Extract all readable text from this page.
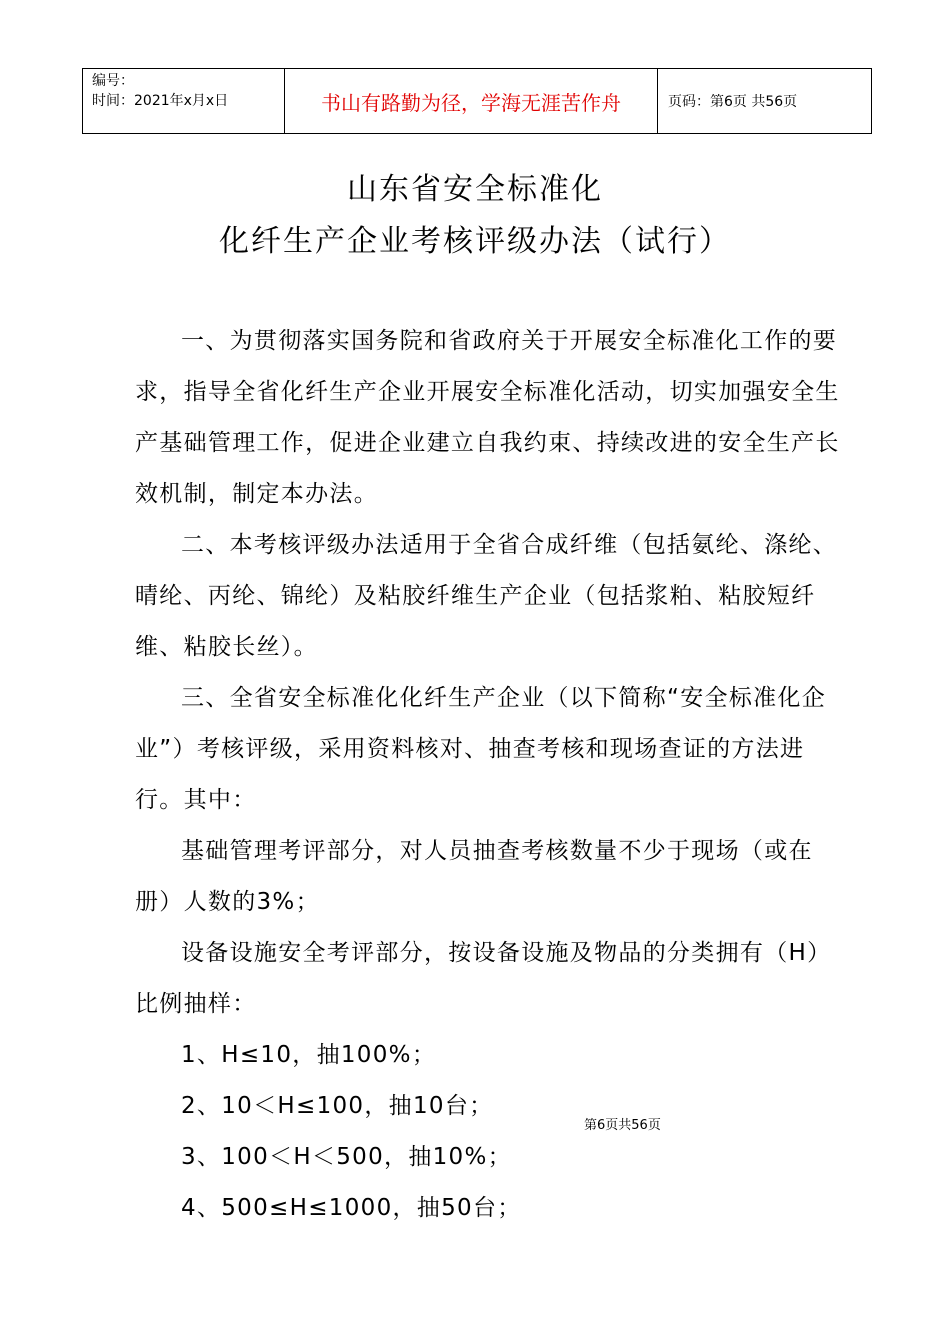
编号：
时间：2021年x月x日	书山有路勤为径，学海无涯苦作舟	页码：第6页 共56页
山东省安全标准化
化纤生产企业考核评级办法（试行）

一、为贯彻落实国务院和省政府关于开展安全标准化工作的要求，指导全省化纤生产企业开展安全标准化活动，切实加强安全生产基础管理工作，促进企业建立自我约束、持续改进的安全生产长效机制，制定本办法。

二、本考核评级办法适用于全省合成纤维（包括氨纶、涤纶、晴纶、丙纶、锦纶）及粘胶纤维生产企业（包括浆粕、粘胶短纤维、粘胶长丝）。

三、全省安全标准化化纤生产企业（以下简称“安全标准化企业”）考核评级，采用资料核对、抽查考核和现场查证的方法进行。其中：

基础管理考评部分，对人员抽查考核数量不少于现场（或在册）人数的3%；

设备设施安全考评部分，按设备设施及物品的分类拥有（H）比例抽样：

1、H≤10，抽100%；

2、10＜H≤100，抽10台；

3、100＜H＜500，抽10%；

4、500≤H≤1000，抽50台；

第6页共56页
